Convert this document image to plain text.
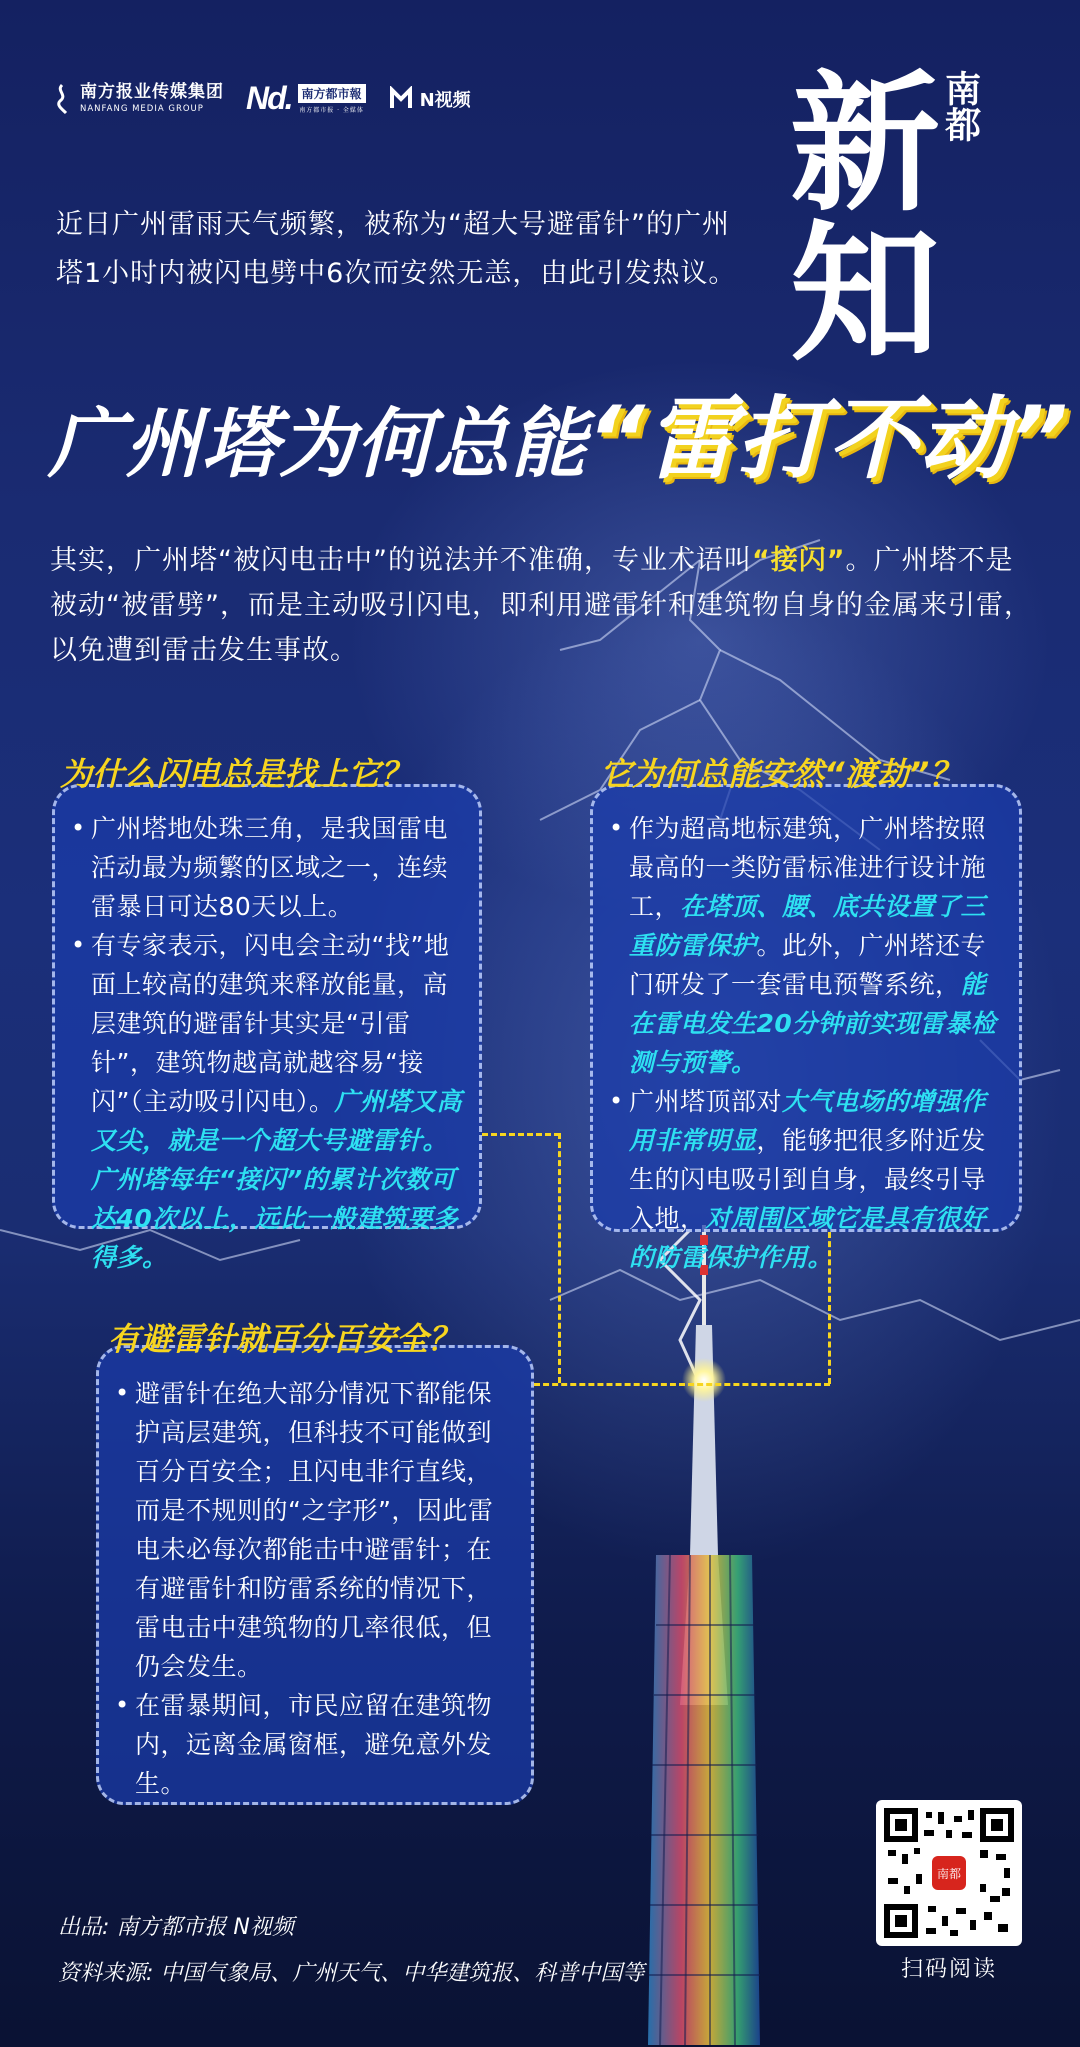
南方报业传媒集团
NANFANG MEDIA GROUP	Nd. 南方都市報
南方都市报 · 全媒体	N视频 新知
南都
近日广州雷雨天气频繁，被称为“超大号避雷针”的广州塔1小时内被闪电劈中6次而安然无恙，由此引发热议。
广州塔为何总能“雷打不动”
其实，广州塔“被闪电击中”的说法并不准确，专业术语叫“接闪”。广州塔不是被动“被雷劈”，而是主动吸引闪电，即利用避雷针和建筑物自身的金属来引雷，以免遭到雷击发生事故。
• 广州塔地处珠三角，是我国雷电活动最为频繁的区域之一，连续雷暴日可达80天以上。
• 有专家表示，闪电会主动“找”地面上较高的建筑来释放能量，高层建筑的避雷针其实是“引雷针”，建筑物越高就越容易“接闪”（主动吸引闪电）。广州塔又高又尖，就是一个超大号避雷针。广州塔每年“接闪”的累计次数可达40次以上，远比一般建筑要多得多。
为什么闪电总是找上它？
• 作为超高地标建筑，广州塔按照最高的一类防雷标准进行设计施工，在塔顶、腰、底共设置了三重防雷保护。此外，广州塔还专门研发了一套雷电预警系统，能在雷电发生20分钟前实现雷暴检测与预警。
• 广州塔顶部对大气电场的增强作用非常明显，能够把很多附近发生的闪电吸引到自身，最终引导入地，对周围区域它是具有很好的防雷保护作用。
它为何总能安然“渡劫”？
• 避雷针在绝大部分情况下都能保护高层建筑，但科技不可能做到百分百安全；且闪电非行直线，而是不规则的“之字形”，因此雷电未必每次都能击中避雷针；在有避雷针和防雷系统的情况下，雷电击中建筑物的几率很低，但仍会发生。
• 在雷暴期间，市民应留在建筑物内，远离金属窗框，避免意外发生。
有避雷针就百分百安全？
出品: 南方都市报 N视频
资料来源: 中国气象局、广州天气、中华建筑报、科普中国等
南都
扫码阅读
